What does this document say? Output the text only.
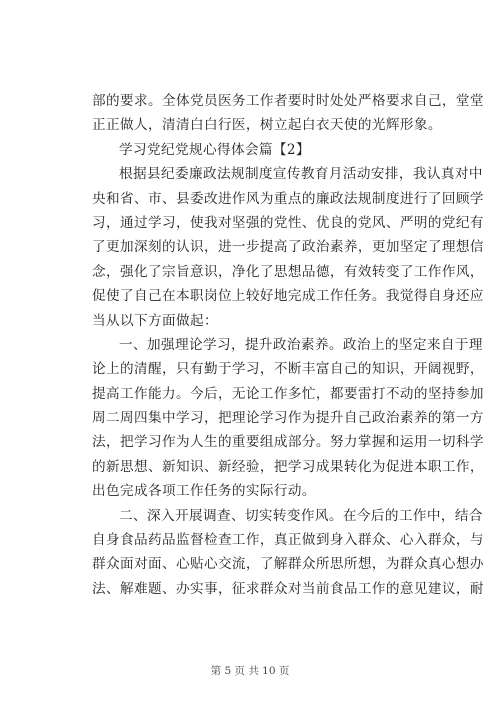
部的要求。全体党员医务工作者要时时处处严格要求自己，堂堂
正正做人，清清白白行医，树立起白衣天使的光辉形象。
学习党纪党规心得体会篇【2】
根据县纪委廉政法规制度宣传教育月活动安排，我认真对中
央和省、市、县委改进作风为重点的廉政法规制度进行了回顾学
习，通过学习，使我对坚强的党性、优良的党风、严明的党纪有
了更加深刻的认识，进一步提高了政治素养，更加坚定了理想信
念，强化了宗旨意识，净化了思想品德，有效转变了工作作风，
促使了自己在本职岗位上较好地完成工作任务。我觉得自身还应
当从以下方面做起：
一、加强理论学习，提升政治素养。政治上的坚定来自于理
论上的清醒，只有勤于学习，不断丰富自己的知识，开阔视野，
提高工作能力。今后，无论工作多忙，都要雷打不动的坚持参加
周二周四集中学习，把理论学习作为提升自己政治素养的第一方
法，把学习作为人生的重要组成部分。努力掌握和运用一切科学
的新思想、新知识、新经验，把学习成果转化为促进本职工作，
出色完成各项工作任务的实际行动。
二、深入开展调查、切实转变作风。在今后的工作中，结合
自身食品药品监督检查工作，真正做到身入群众、心入群众，与
群众面对面、心贴心交流，了解群众所思所想，为群众真心想办
法、解难题、办实事，征求群众对当前食品工作的意见建议，耐
第 5 页 共 10 页
